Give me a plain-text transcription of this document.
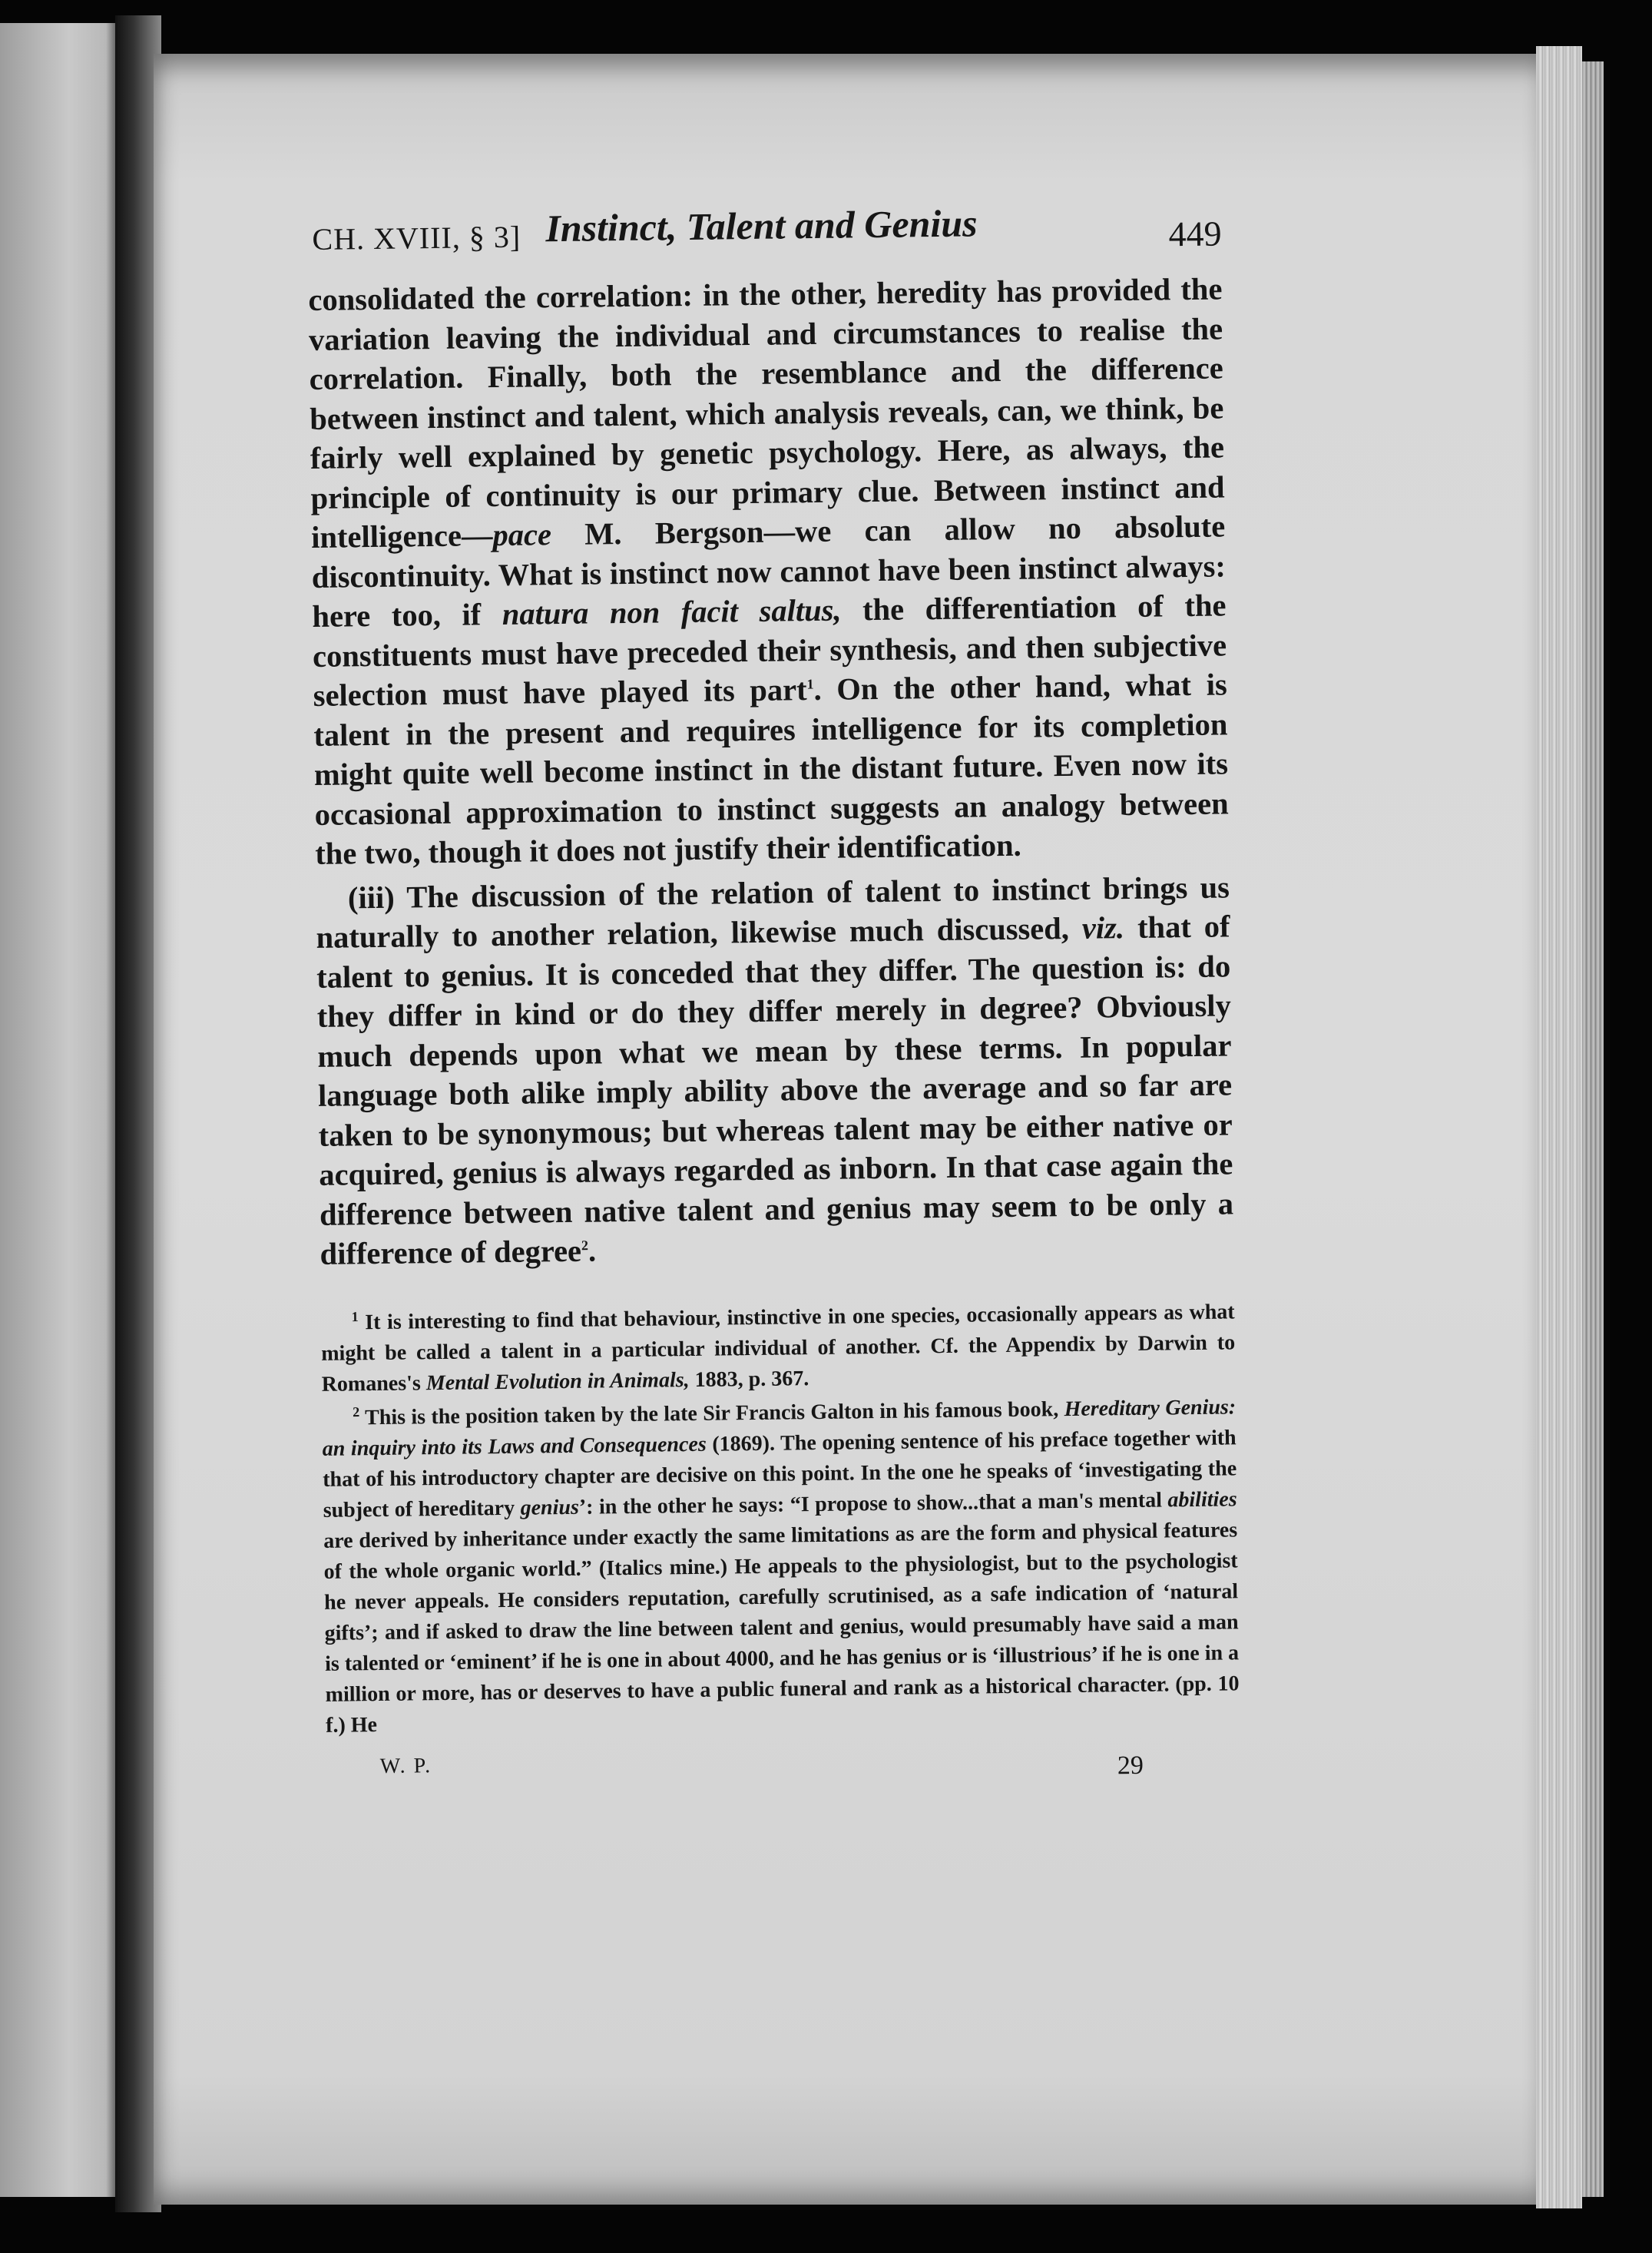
CH. XVIII, § 3] Instinct, Talent and Genius	449

consolidated the correlation: in the other, heredity has provided the variation leaving the individual and circumstances to realise the correlation. Finally, both the resemblance and the difference between instinct and talent, which analysis reveals, can, we think, be fairly well explained by genetic psychology. Here, as always, the principle of continuity is our primary clue. Between instinct and intelligence—pace M. Bergson—we can allow no absolute discontinuity. What is instinct now cannot have been instinct always: here too, if natura non facit saltus, the differentiation of the constituents must have preceded their synthesis, and then subjective selection must have played its part$^1$. On the other hand, what is talent in the present and requires intelligence for its completion might quite well become instinct in the distant future. Even now its occasional approximation to instinct suggests an analogy between the two, though it does not justify their identification.

(iii) The discussion of the relation of talent to instinct brings us naturally to another relation, likewise much discussed, viz. that of talent to genius. It is conceded that they differ. The question is: do they differ in kind or do they differ merely in degree? Obviously much depends upon what we mean by these terms. In popular language both alike imply ability above the average and so far are taken to be synonymous; but whereas talent may be either native or acquired, genius is always regarded as inborn. In that case again the difference between native talent and genius may seem to be only a difference of degree$^2$.

$^1$ It is interesting to find that behaviour, instinctive in one species, occasionally appears as what might be called a talent in a particular individual of another. Cf. the Appendix by Darwin to Romanes's Mental Evolution in Animals, 1883, p. 367.

$^2$ This is the position taken by the late Sir Francis Galton in his famous book, Hereditary Genius: an inquiry into its Laws and Consequences (1869). The opening sentence of his preface together with that of his introductory chapter are decisive on this point. In the one he speaks of ‘investigating the subject of hereditary genius’: in the other he says: “I propose to show...that a man's mental abilities are derived by inheritance under exactly the same limitations as are the form and physical features of the whole organic world.” (Italics mine.) He appeals to the physiologist, but to the psychologist he never appeals. He considers reputation, carefully scrutinised, as a safe indication of ‘natural gifts’; and if asked to draw the line between talent and genius, would presumably have said a man is talented or ‘eminent’ if he is one in about 4000, and he has genius or is ‘illustrious’ if he is one in a million or more, has or deserves to have a public funeral and rank as a historical character. (pp. 10 f.) He

W. P.	29
